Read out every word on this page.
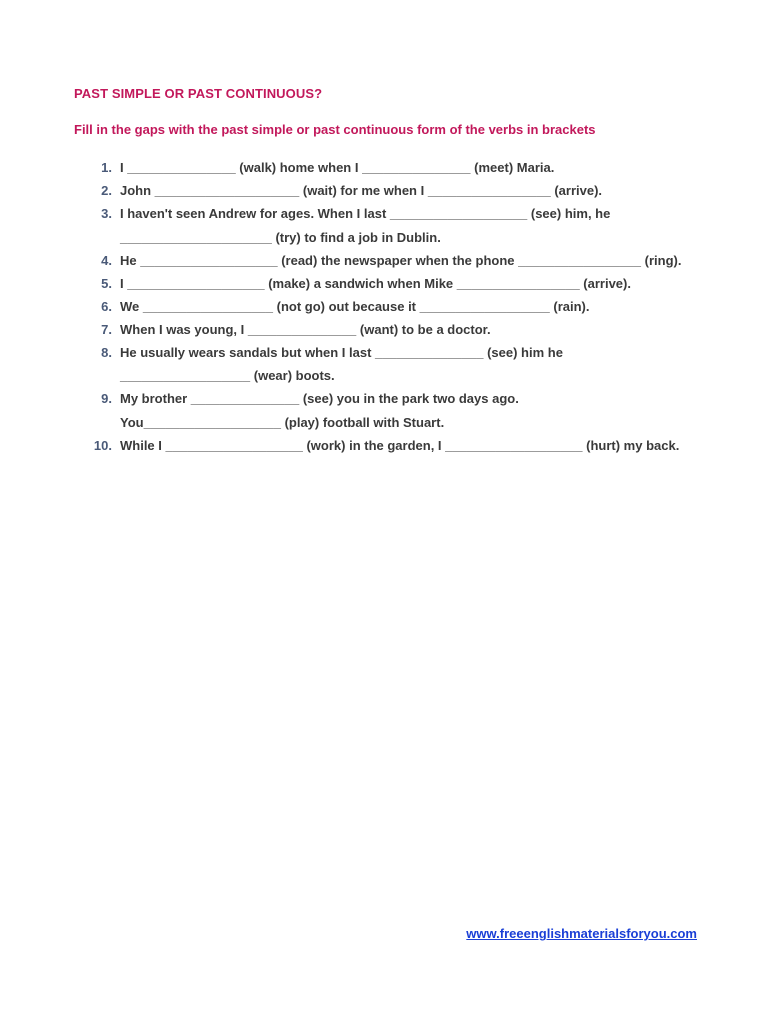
PAST SIMPLE OR PAST CONTINUOUS?
Fill in the gaps with the past simple or past continuous form of the verbs in brackets
1. I _______________ (walk) home when I _______________ (meet) Maria.
2. John ____________________ (wait) for me when I _________________ (arrive).
3. I haven't seen Andrew for ages. When I last ___________________ (see) him, he
_____________________ (try) to find a job in Dublin.
4. He ___________________ (read) the newspaper when the phone _________________ (ring).
5. I ___________________ (make) a sandwich when Mike _________________ (arrive).
6. We __________________ (not go) out because it __________________ (rain).
7. When I was young, I _______________ (want) to be a doctor.
8. He usually wears sandals but when I last _______________ (see) him he
__________________ (wear) boots.
9. My brother _______________ (see) you in the park two days ago.
You___________________ (play) football with Stuart.
10. While I ___________________ (work) in the garden, I ___________________ (hurt) my back.
www.freeenglishmaterialsforyou.com
